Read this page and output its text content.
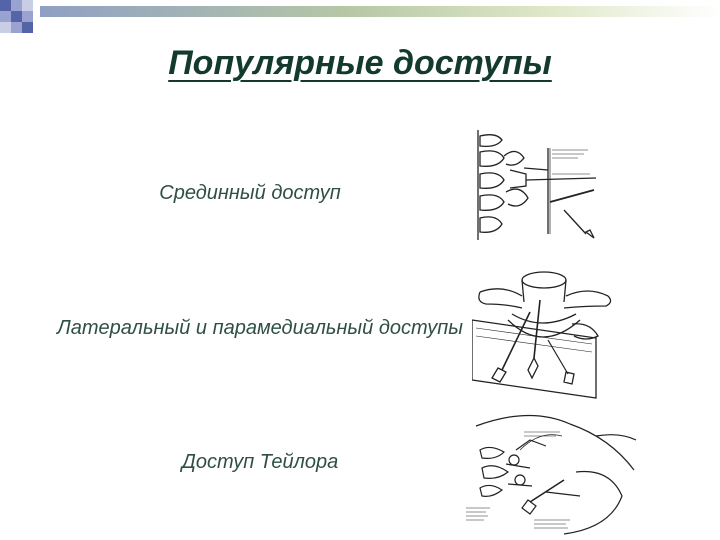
Популярные доступы
Срединный доступ
Латеральный и парамедиальный доступы
Доступ Тейлора
